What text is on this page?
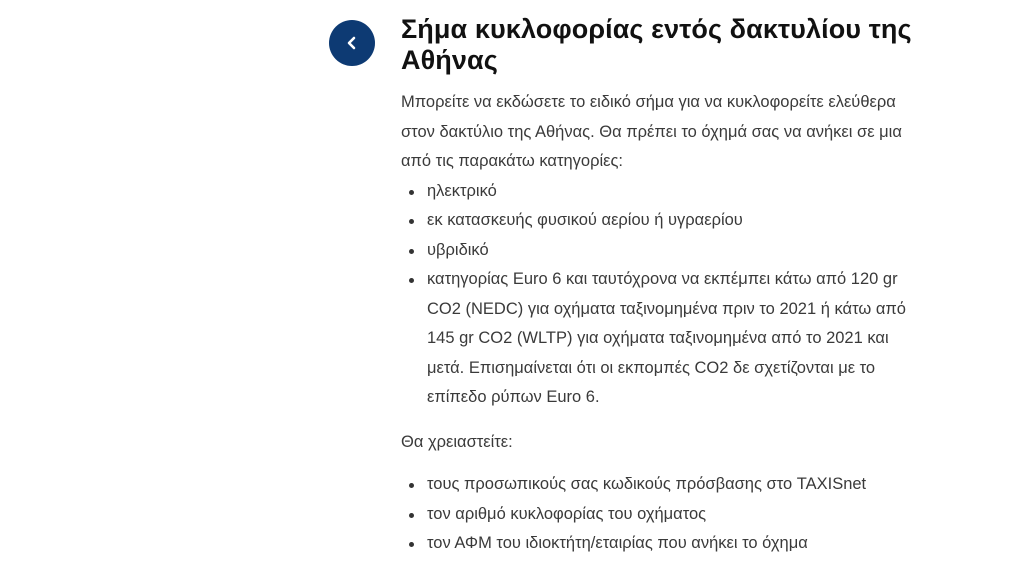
Σήμα κυκλοφορίας εντός δακτυλίου της Αθήνας

Μπορείτε να εκδώσετε το ειδικό σήμα για να κυκλοφορείτε ελεύθερα στον δακτύλιο της Αθήνας. Θα πρέπει το όχημά σας να ανήκει σε μια από τις παρακάτω κατηγορίες:

ηλεκτρικό
εκ κατασκευής φυσικού αερίου ή υγραερίου
υβριδικό
κατηγορίας Euro 6 και ταυτόχρονα να εκπέμπει κάτω από 120 gr CO2 (NEDC) για οχήματα ταξινομημένα πριν το 2021 ή κάτω από 145 gr CO2 (WLTP) για οχήματα ταξινομημένα από το 2021 και μετά. Επισημαίνεται ότι οι εκπομπές CO2 δε σχετίζονται με το επίπεδο ρύπων Euro 6.

Θα χρειαστείτε:

τους προσωπικούς σας κωδικούς πρόσβασης στο TAXISnet
τον αριθμό κυκλοφορίας του οχήματος
τον ΑΦΜ του ιδιοκτήτη/εταιρίας που ανήκει το όχημα
